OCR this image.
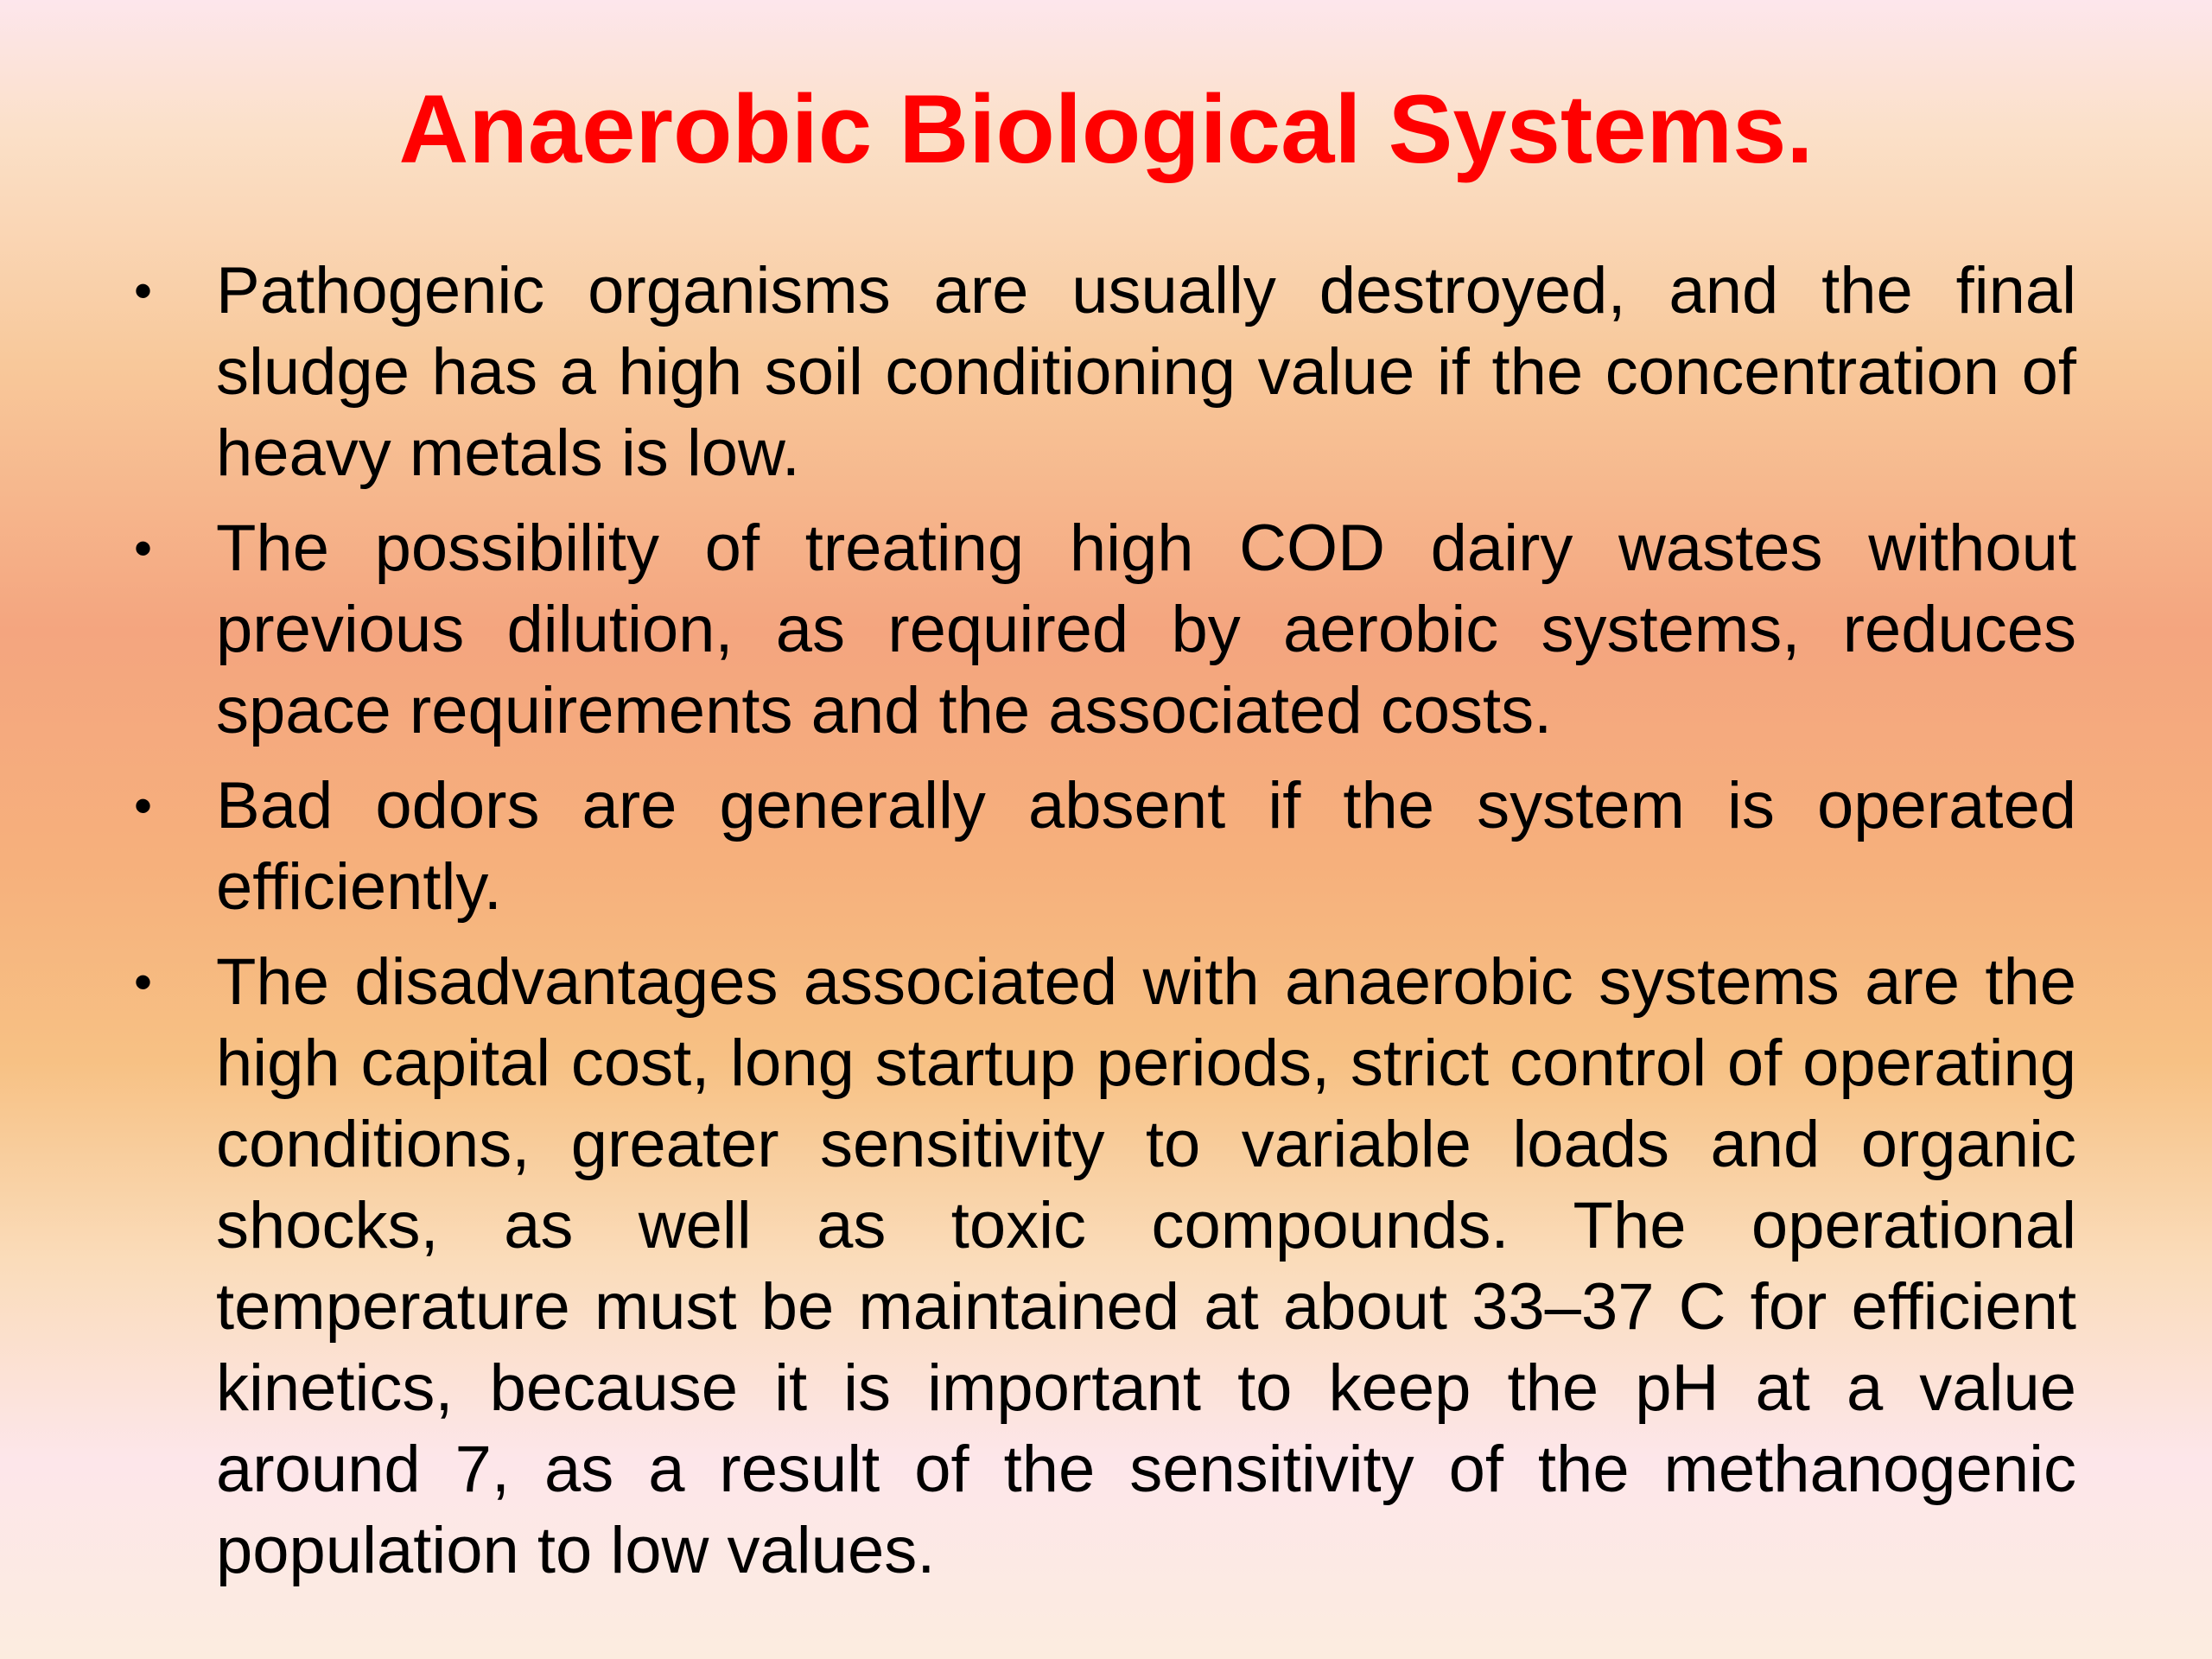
Anaerobic Biological Systems.
• Pathogenic organisms are usually destroyed, and the final sludge has a high soil conditioning value if the concentration of heavy metals is low.
• The possibility of treating high COD dairy wastes without previous dilution, as required by aerobic systems, reduces space requirements and the associated costs.
• Bad odors are generally absent if the system is operated efficiently.
• The disadvantages associated with anaerobic systems are the high capital cost, long startup periods, strict control of operating conditions, greater sensitivity to variable loads and organic shocks, as well as toxic compounds. The operational temperature must be maintained at about 33–37 C for efficient kinetics, because it is important to keep the pH at a value around 7, as a result of the sensitivity of the methanogenic population to low values.
